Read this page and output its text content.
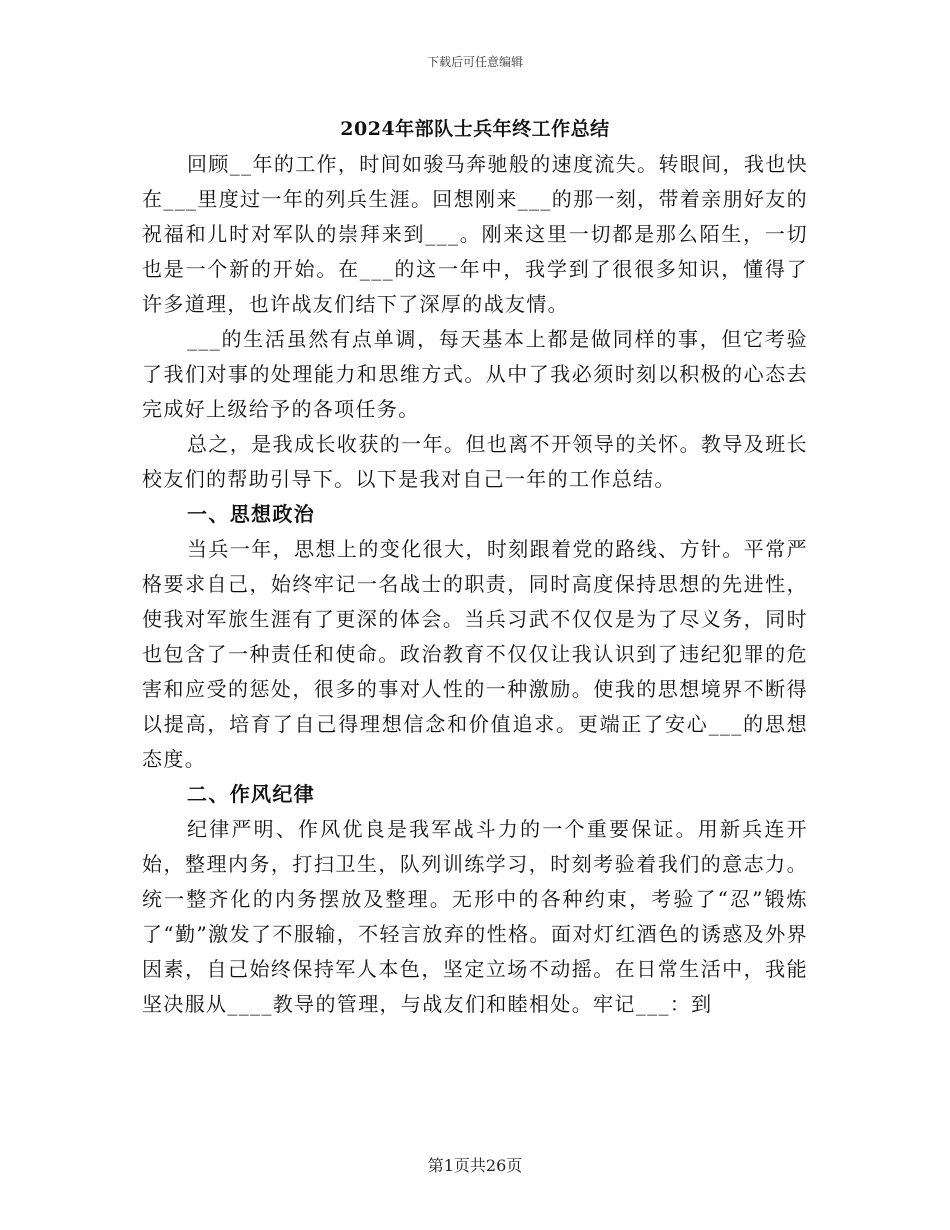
下载后可任意编辑
2024年部队士兵年终工作总结

回顾__年的工作，时间如骏马奔驰般的速度流失。转眼间，我也快在___里度过一年的列兵生涯。回想刚来___的那一刻，带着亲朋好友的祝福和儿时对军队的崇拜来到___。刚来这里一切都是那么陌生，一切也是一个新的开始。在___的这一年中，我学到了很很多知识，懂得了许多道理，也许战友们结下了深厚的战友情。

___的生活虽然有点单调，每天基本上都是做同样的事，但它考验了我们对事的处理能力和思维方式。从中了我必须时刻以积极的心态去完成好上级给予的各项任务。

总之，是我成长收获的一年。但也离不开领导的关怀。教导及班长校友们的帮助引导下。以下是我对自己一年的工作总结。

一、思想政治

当兵一年，思想上的变化很大，时刻跟着党的路线、方针。平常严格要求自己，始终牢记一名战士的职责，同时高度保持思想的先进性，使我对军旅生涯有了更深的体会。当兵习武不仅仅是为了尽义务，同时也包含了一种责任和使命。政治教育不仅仅让我认识到了违纪犯罪的危害和应受的惩处，很多的事对人性的一种激励。使我的思想境界不断得以提高，培育了自己得理想信念和价值追求。更端正了安心___的思想态度。

二、作风纪律

纪律严明、作风优良是我军战斗力的一个重要保证。用新兵连开始，整理内务，打扫卫生，队列训练学习，时刻考验着我们的意志力。统一整齐化的内务摆放及整理。无形中的各种约束，考验了“忍”锻炼了“勤”激发了不服输，不轻言放弃的性格。面对灯红酒色的诱惑及外界因素，自己始终保持军人本色，坚定立场不动摇。在日常生活中，我能坚决服从____教导的管理，与战友们和睦相处。牢记___：到

第1页共26页
